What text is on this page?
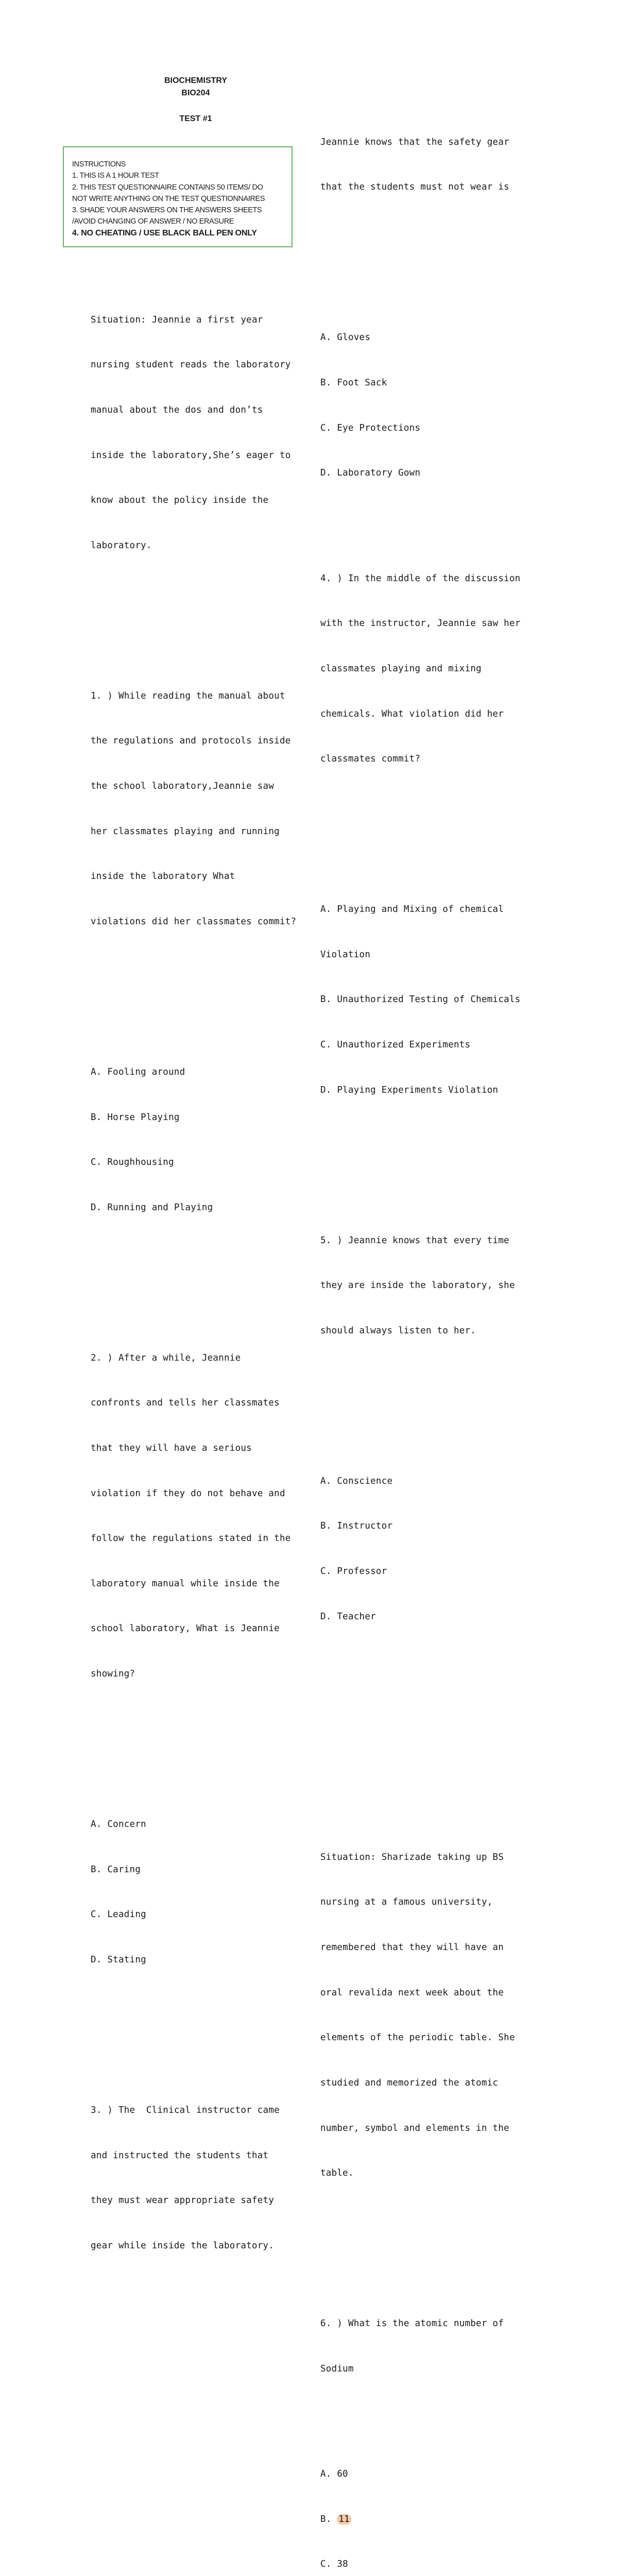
BIOCHEMISTRY
BIO204
TEST #1
INSTRUCTIONS
1. THIS IS A 1 HOUR TEST
2. THIS TEST QUESTIONNAIRE CONTAINS 50 ITEMS/ DO
NOT WRITE ANYTHING ON THE TEST QUESTIONNAIRES
3. SHADE YOUR ANSWERS ON THE ANSWERS SHEETS
/AVOID CHANGING OF ANSWER / NO ERASURE
4. NO CHEATING / USE BLACK BALL PEN ONLY

Situation: Jeannie a first year

nursing student reads the laboratory

manual about the dos and don’ts

inside the laboratory,She’s eager to

know about the policy inside the

laboratory.

1. ) While reading the manual about

the regulations and protocols inside

the school laboratory,Jeannie saw

her classmates playing and running

inside the laboratory What

violations did her classmates commit?

A. Fooling around

B. Horse Playing

C. Roughhousing

D. Running and Playing

2. ) After a while, Jeannie

confronts and tells her classmates

that they will have a serious

violation if they do not behave and

follow the regulations stated in the

laboratory manual while inside the

school laboratory, What is Jeannie

showing?

A. Concern

B. Caring

C. Leading

D. Stating

3. ) The  Clinical instructor came

and instructed the students that

they must wear appropriate safety

gear while inside the laboratory.

Jeannie knows that the safety gear

that the students must not wear is

A. Gloves

B. Foot Sack

C. Eye Protections

D. Laboratory Gown

4. ) In the middle of the discussion

with the instructor, Jeannie saw her

classmates playing and mixing

chemicals. What violation did her

classmates commit?

A. Playing and Mixing of chemical

Violation

B. Unauthorized Testing of Chemicals

C. Unauthorized Experiments

D. Playing Experiments Violation

5. ) Jeannie knows that every time

they are inside the laboratory, she

should always listen to her.

A. Conscience

B. Instructor

C. Professor

D. Teacher

Situation: Sharizade taking up BS

nursing at a famous university,

remembered that they will have an

oral revalida next week about the

elements of the periodic table. She

studied and memorized the atomic

number, symbol and elements in the

table.

6. ) What is the atomic number of

Sodium

A. 60

B. 11

C. 38
